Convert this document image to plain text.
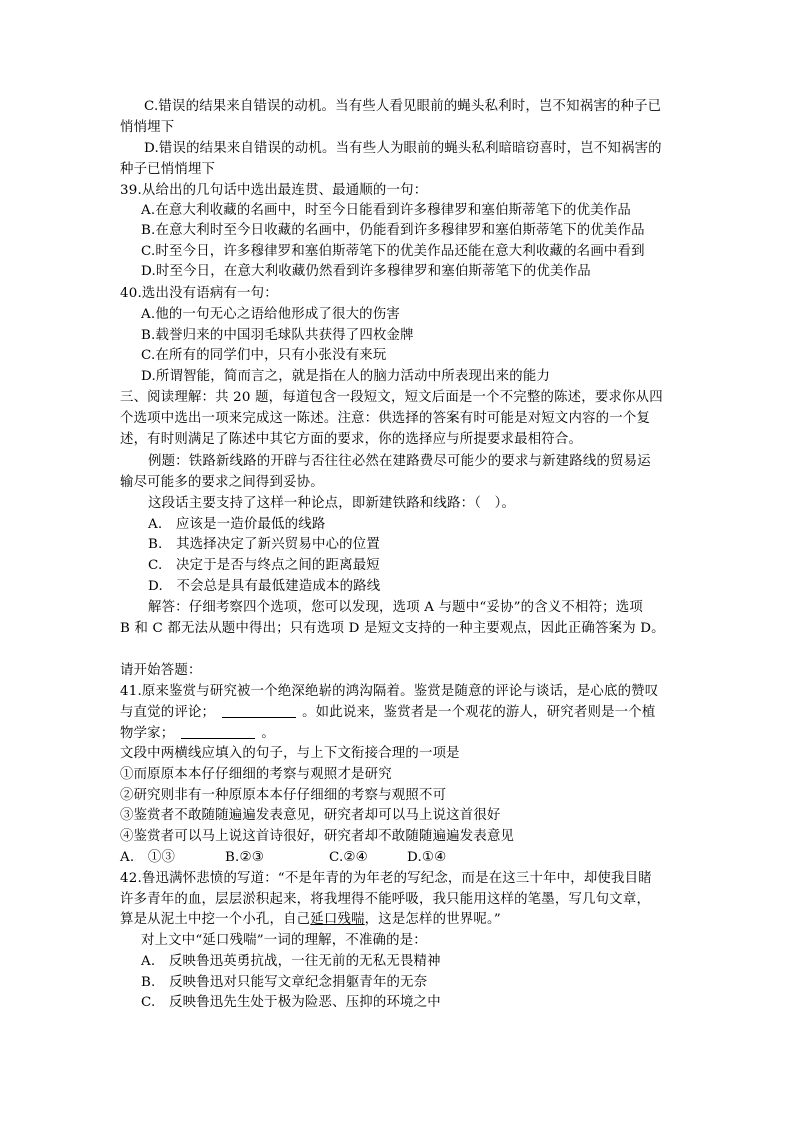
C.错误的结果来自错误的动机。当有些人看见眼前的蝇头私利时，岂不知祸害的种子已
悄悄埋下
D.错误的结果来自错误的动机。当有些人为眼前的蝇头私利暗暗窃喜时，岂不知祸害的
种子已悄悄埋下
39.从给出的几句话中选出最连贯、最通顺的一句：
A.在意大利收藏的名画中，时至今日能看到许多穆律罗和塞伯斯蒂笔下的优美作品
B.在意大利时至今日收藏的名画中，仍能看到许多穆律罗和塞伯斯蒂笔下的优美作品
C.时至今日，许多穆律罗和塞伯斯蒂笔下的优美作品还能在意大利收藏的名画中看到
D.时至今日，在意大利收藏仍然看到许多穆律罗和塞伯斯蒂笔下的优美作品
40.选出没有语病有一句：
A.他的一句无心之语给他形成了很大的伤害
B.载誉归来的中国羽毛球队共获得了四枚金牌
C.在所有的同学们中，只有小张没有来玩
D.所谓智能，简而言之，就是指在人的脑力活动中所表现出来的能力
三、阅读理解：共 20 题，每道包含一段短文，短文后面是一个不完整的陈述，要求你从四
个选项中选出一项来完成这一陈述。注意：供选择的答案有时可能是对短文内容的一个复
述，有时则满足了陈述中其它方面的要求，你的选择应与所提要求最相符合。
例题：铁路新线路的开辟与否往往必然在建路费尽可能少的要求与新建路线的贸易运
输尽可能多的要求之间得到妥协。
这段话主要支持了这样一种论点，即新建铁路和线路：（　）。
A.　应该是一造价最低的线路
B.　其选择决定了新兴贸易中心的位置
C.　决定于是否与终点之间的距离最短
D.　不会总是具有最低建造成本的路线
解答：仔细考察四个选项，您可以发现，选项 A 与题中“妥协”的含义不相符；选项
B 和 C 都无法从题中得出；只有选项 D 是短文支持的一种主要观点，因此正确答案为 D。
请开始答题：
41.原来鉴赏与研究被一个绝深绝崭的鸿沟隔着。鉴赏是随意的评论与谈话，是心底的赞叹
与直觉的评论；	。如此说来，鉴赏者是一个观花的游人，研究者则是一个植
物学家；	。
文段中两横线应填入的句子，与上下文衔接合理的一项是
①而原原本本仔仔细细的考察与观照才是研究
②研究则非有一种原原本本仔仔细细的考察与观照不可
③鉴赏者不敢随随遍遍发表意见，研究者却可以马上说这首很好
④鉴赏者可以马上说这首诗很好，研究者却不敢随随遍遍发表意见
A.　①③	B.②③	C.②④	D.①④
42.鲁迅满怀悲愤的写道：“不是年青的为年老的写纪念，而是在这三十年中，却使我目睹
许多青年的血，层层淤积起来，将我埋得不能呼吸，我只能用这样的笔墨，写几句文章，
算是从泥土中挖一个小孔，自己延口残喘，这是怎样的世界呢。”
对上文中“延口残喘”一词的理解，不准确的是：
A.　反映鲁迅英勇抗战，一往无前的无私无畏精神
B.　反映鲁迅对只能写文章纪念捐躯青年的无奈
C.　反映鲁迅先生处于极为险恶、压抑的环境之中
